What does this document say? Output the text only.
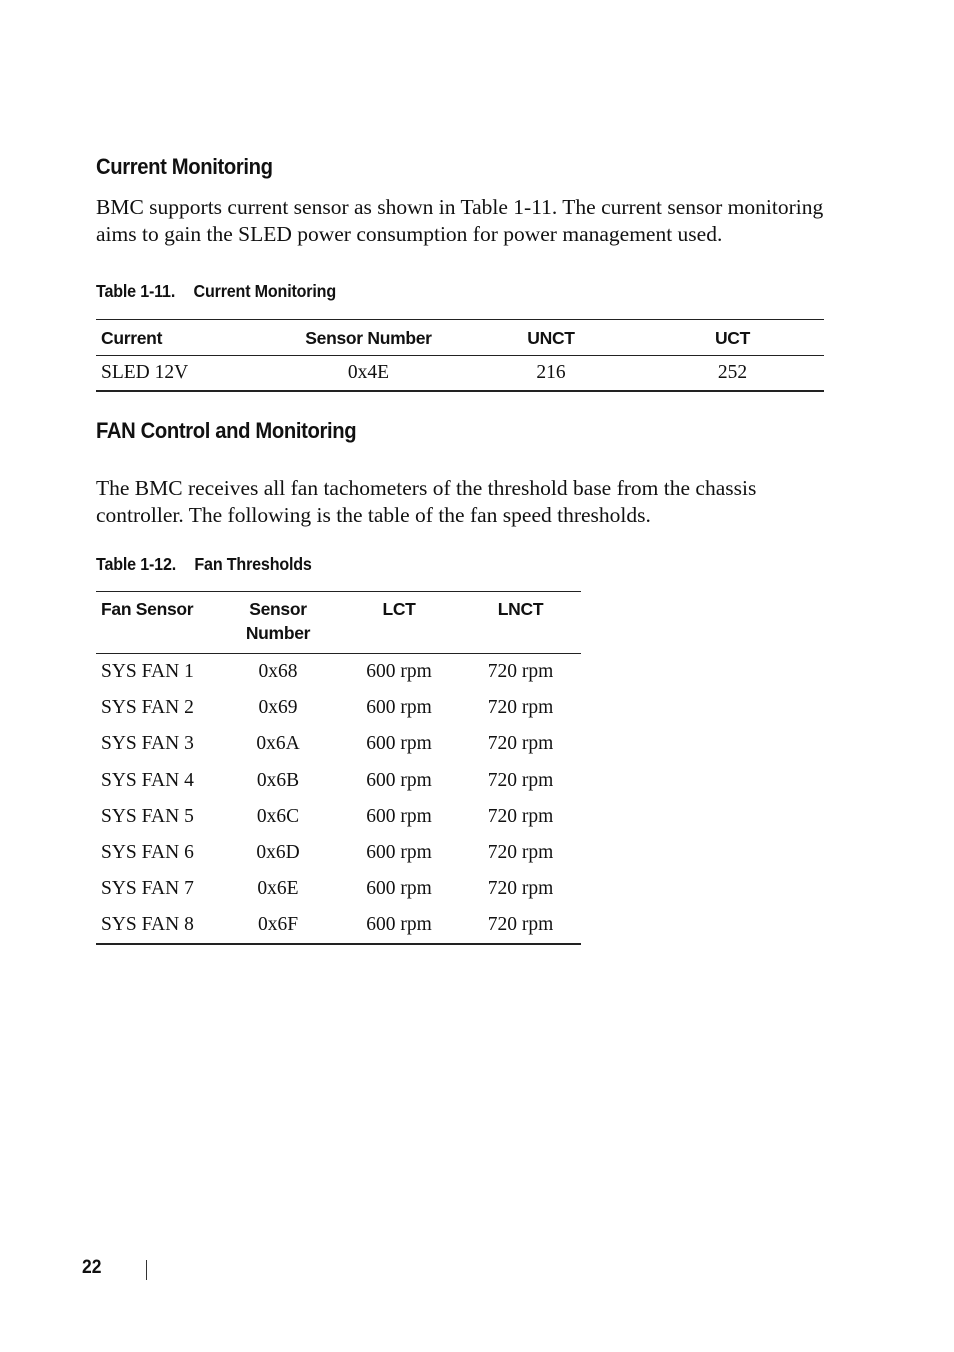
Current Monitoring

BMC supports current sensor as shown in Table 1-11. The current sensor monitoring aims to gain the SLED power consumption for power management used.

Table 1-11. Current Monitoring
Current	Sensor Number	UNCT	UCT
SLED 12V	0x4E	216	252
FAN Control and Monitoring

The BMC receives all fan tachometers of the threshold base from the chassis controller. The following is the table of the fan speed thresholds.

Table 1-12. Fan Thresholds
Fan Sensor	Sensor Number	LCT	LNCT
SYS FAN 1	0x68	600 rpm	720 rpm
SYS FAN 2	0x69	600 rpm	720 rpm
SYS FAN 3	0x6A	600 rpm	720 rpm
SYS FAN 4	0x6B	600 rpm	720 rpm
SYS FAN 5	0x6C	600 rpm	720 rpm
SYS FAN 6	0x6D	600 rpm	720 rpm
SYS FAN 7	0x6E	600 rpm	720 rpm
SYS FAN 8	0x6F	600 rpm	720 rpm
22
